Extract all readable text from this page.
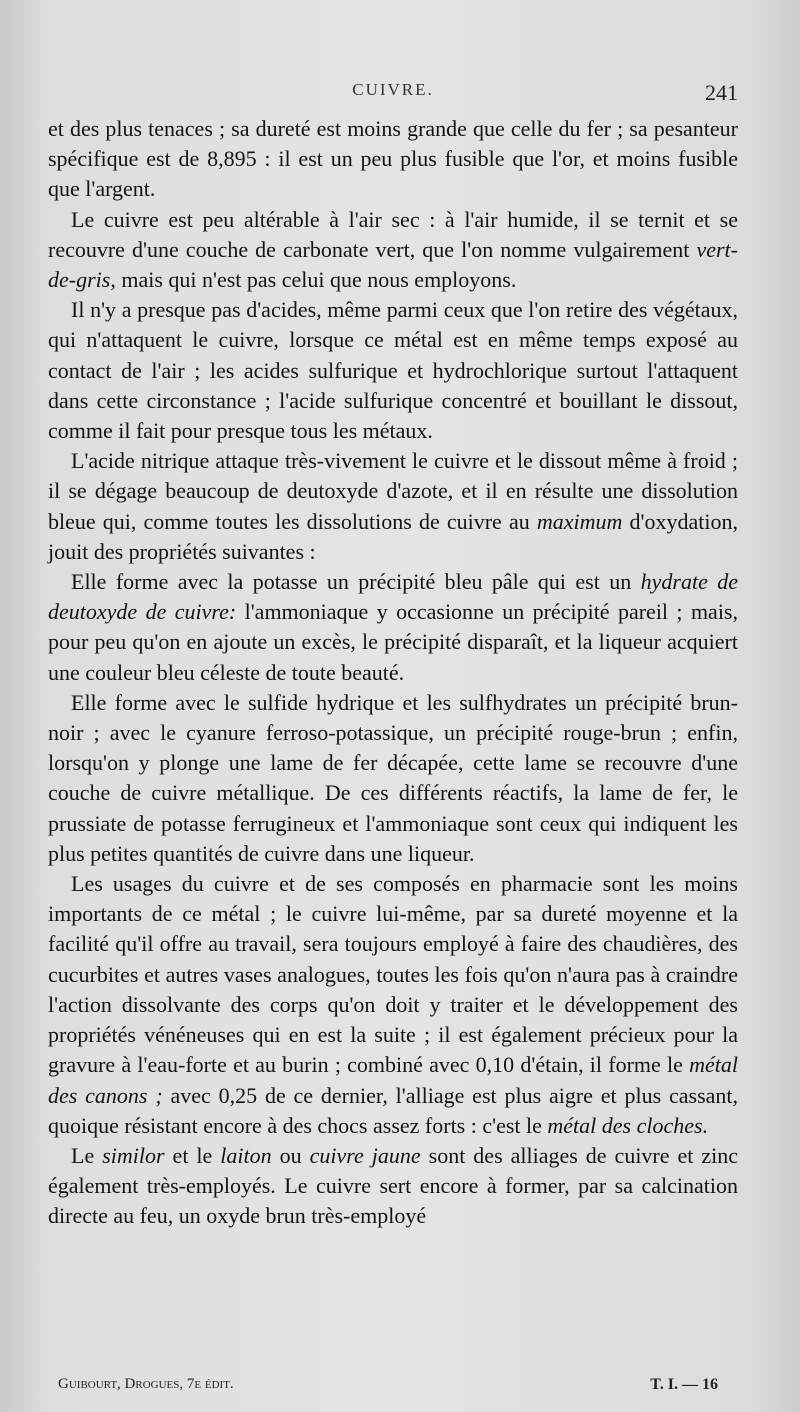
CUIVRE.	241

et des plus tenaces ; sa dureté est moins grande que celle du fer ; sa pesanteur spécifique est de 8,895 : il est un peu plus fusible que l'or, et moins fusible que l'argent.

Le cuivre est peu altérable à l'air sec : à l'air humide, il se ternit et se recouvre d'une couche de carbonate vert, que l'on nomme vulgairement vert-de-gris, mais qui n'est pas celui que nous employons.

Il n'y a presque pas d'acides, même parmi ceux que l'on retire des végétaux, qui n'attaquent le cuivre, lorsque ce métal est en même temps exposé au contact de l'air ; les acides sulfurique et hydrochlorique surtout l'attaquent dans cette circonstance ; l'acide sulfurique concentré et bouillant le dissout, comme il fait pour presque tous les métaux.

L'acide nitrique attaque très-vivement le cuivre et le dissout même à froid ; il se dégage beaucoup de deutoxyde d'azote, et il en résulte une dissolution bleue qui, comme toutes les dissolutions de cuivre au maximum d'oxydation, jouit des propriétés suivantes :

Elle forme avec la potasse un précipité bleu pâle qui est un hydrate de deutoxyde de cuivre: l'ammoniaque y occasionne un précipité pareil ; mais, pour peu qu'on en ajoute un excès, le précipité disparaît, et la liqueur acquiert une couleur bleu céleste de toute beauté.

Elle forme avec le sulfide hydrique et les sulfhydrates un précipité brun-noir ; avec le cyanure ferroso-potassique, un précipité rouge-brun ; enfin, lorsqu'on y plonge une lame de fer décapée, cette lame se recouvre d'une couche de cuivre métallique. De ces différents réactifs, la lame de fer, le prussiate de potasse ferrugineux et l'ammoniaque sont ceux qui indiquent les plus petites quantités de cuivre dans une liqueur.

Les usages du cuivre et de ses composés en pharmacie sont les moins importants de ce métal ; le cuivre lui-même, par sa dureté moyenne et la facilité qu'il offre au travail, sera toujours employé à faire des chaudières, des cucurbites et autres vases analogues, toutes les fois qu'on n'aura pas à craindre l'action dissolvante des corps qu'on doit y traiter et le développement des propriétés vénéneuses qui en est la suite ; il est également précieux pour la gravure à l'eau-forte et au burin ; combiné avec 0,10 d'étain, il forme le métal des canons ; avec 0,25 de ce dernier, l'alliage est plus aigre et plus cassant, quoique résistant encore à des chocs assez forts : c'est le métal des cloches.

Le similor et le laiton ou cuivre jaune sont des alliages de cuivre et zinc également très-employés. Le cuivre sert encore à former, par sa calcination directe au feu, un oxyde brun très-employé

Guibourt, Drogues, 7e édit.	T. I. — 16
